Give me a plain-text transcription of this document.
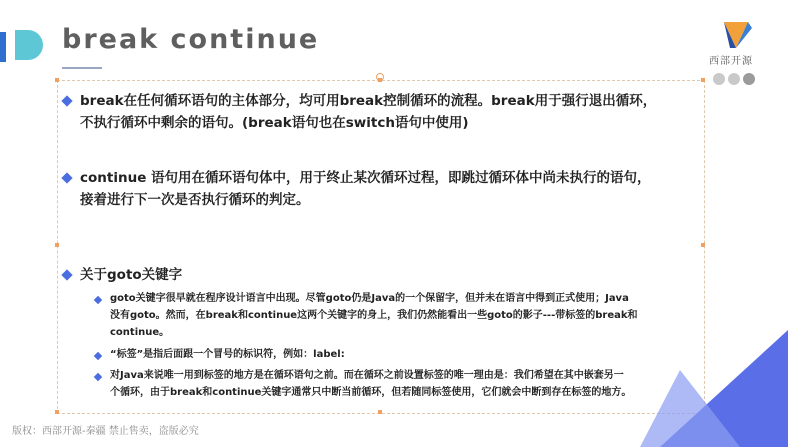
break continue
西部开源
break在任何循环语句的主体部分，均可用break控制循环的流程。break用于强行退出循环，
不执行循环中剩余的语句。(break语句也在switch语句中使用)
continue 语句用在循环语句体中，用于终止某次循环过程，即跳过循环体中尚未执行的语句，
接着进行下一次是否执行循环的判定。
关于goto关键字
goto关键字很早就在程序设计语言中出现。尽管goto仍是Java的一个保留字，但并未在语言中得到正式使用；Java
没有goto。然而，在break和continue这两个关键字的身上，我们仍然能看出一些goto的影子---带标签的break和
continue。
“标签”是指后面跟一个冒号的标识符，例如：label:
对Java来说唯一用到标签的地方是在循环语句之前。而在循环之前设置标签的唯一理由是：我们希望在其中嵌套另一
个循环，由于break和continue关键字通常只中断当前循环，但若随同标签使用，它们就会中断到存在标签的地方。
版权：西部开源-秦疆 禁止售卖，盗版必究
